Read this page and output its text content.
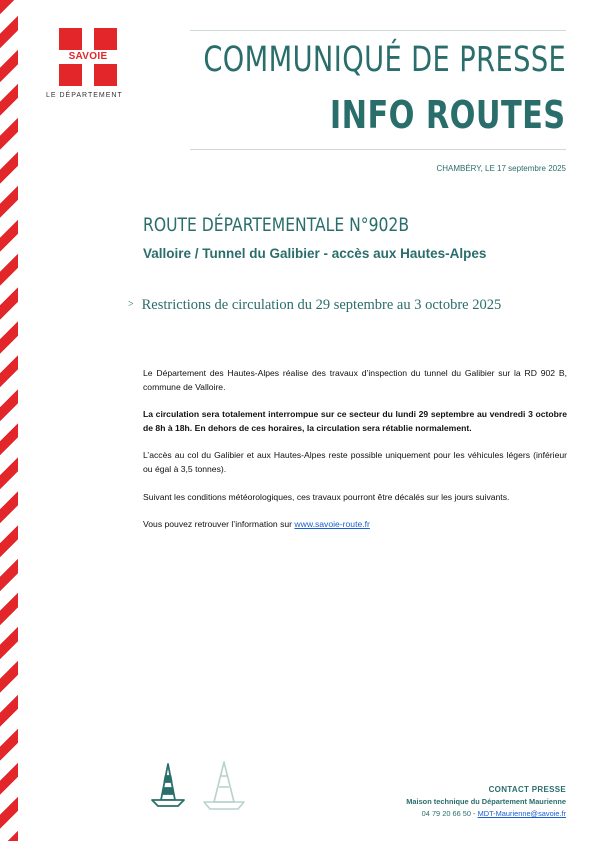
SAVOIE
LE DÉPARTEMENT
COMMUNIQUÉ DE PRESSE
INFO ROUTES
CHAMBÉRY, LE 17 septembre 2025
ROUTE DÉPARTEMENTALE N°902B
Valloire / Tunnel du Galibier - accès aux Hautes-Alpes
> Restrictions de circulation du 29 septembre au 3 octobre 2025

Le Département des Hautes-Alpes réalise des travaux d’inspection du tunnel du Galibier sur la RD 902 B, commune de Valloire.

La circulation sera totalement interrompue sur ce secteur du lundi 29 septembre au vendredi 3 octobre de 8h à 18h. En dehors de ces horaires, la circulation sera rétablie normalement.

L’accès au col du Galibier et aux Hautes-Alpes reste possible uniquement pour les véhicules légers (inférieur ou égal à 3,5 tonnes).

Suivant les conditions météorologiques, ces travaux pourront être décalés sur les jours suivants.

Vous pouvez retrouver l’information sur www.savoie-route.fr

CONTACT PRESSE
Maison technique du Département Maurienne
04 79 20 66 50 - MDT-Maurienne@savoie.fr
